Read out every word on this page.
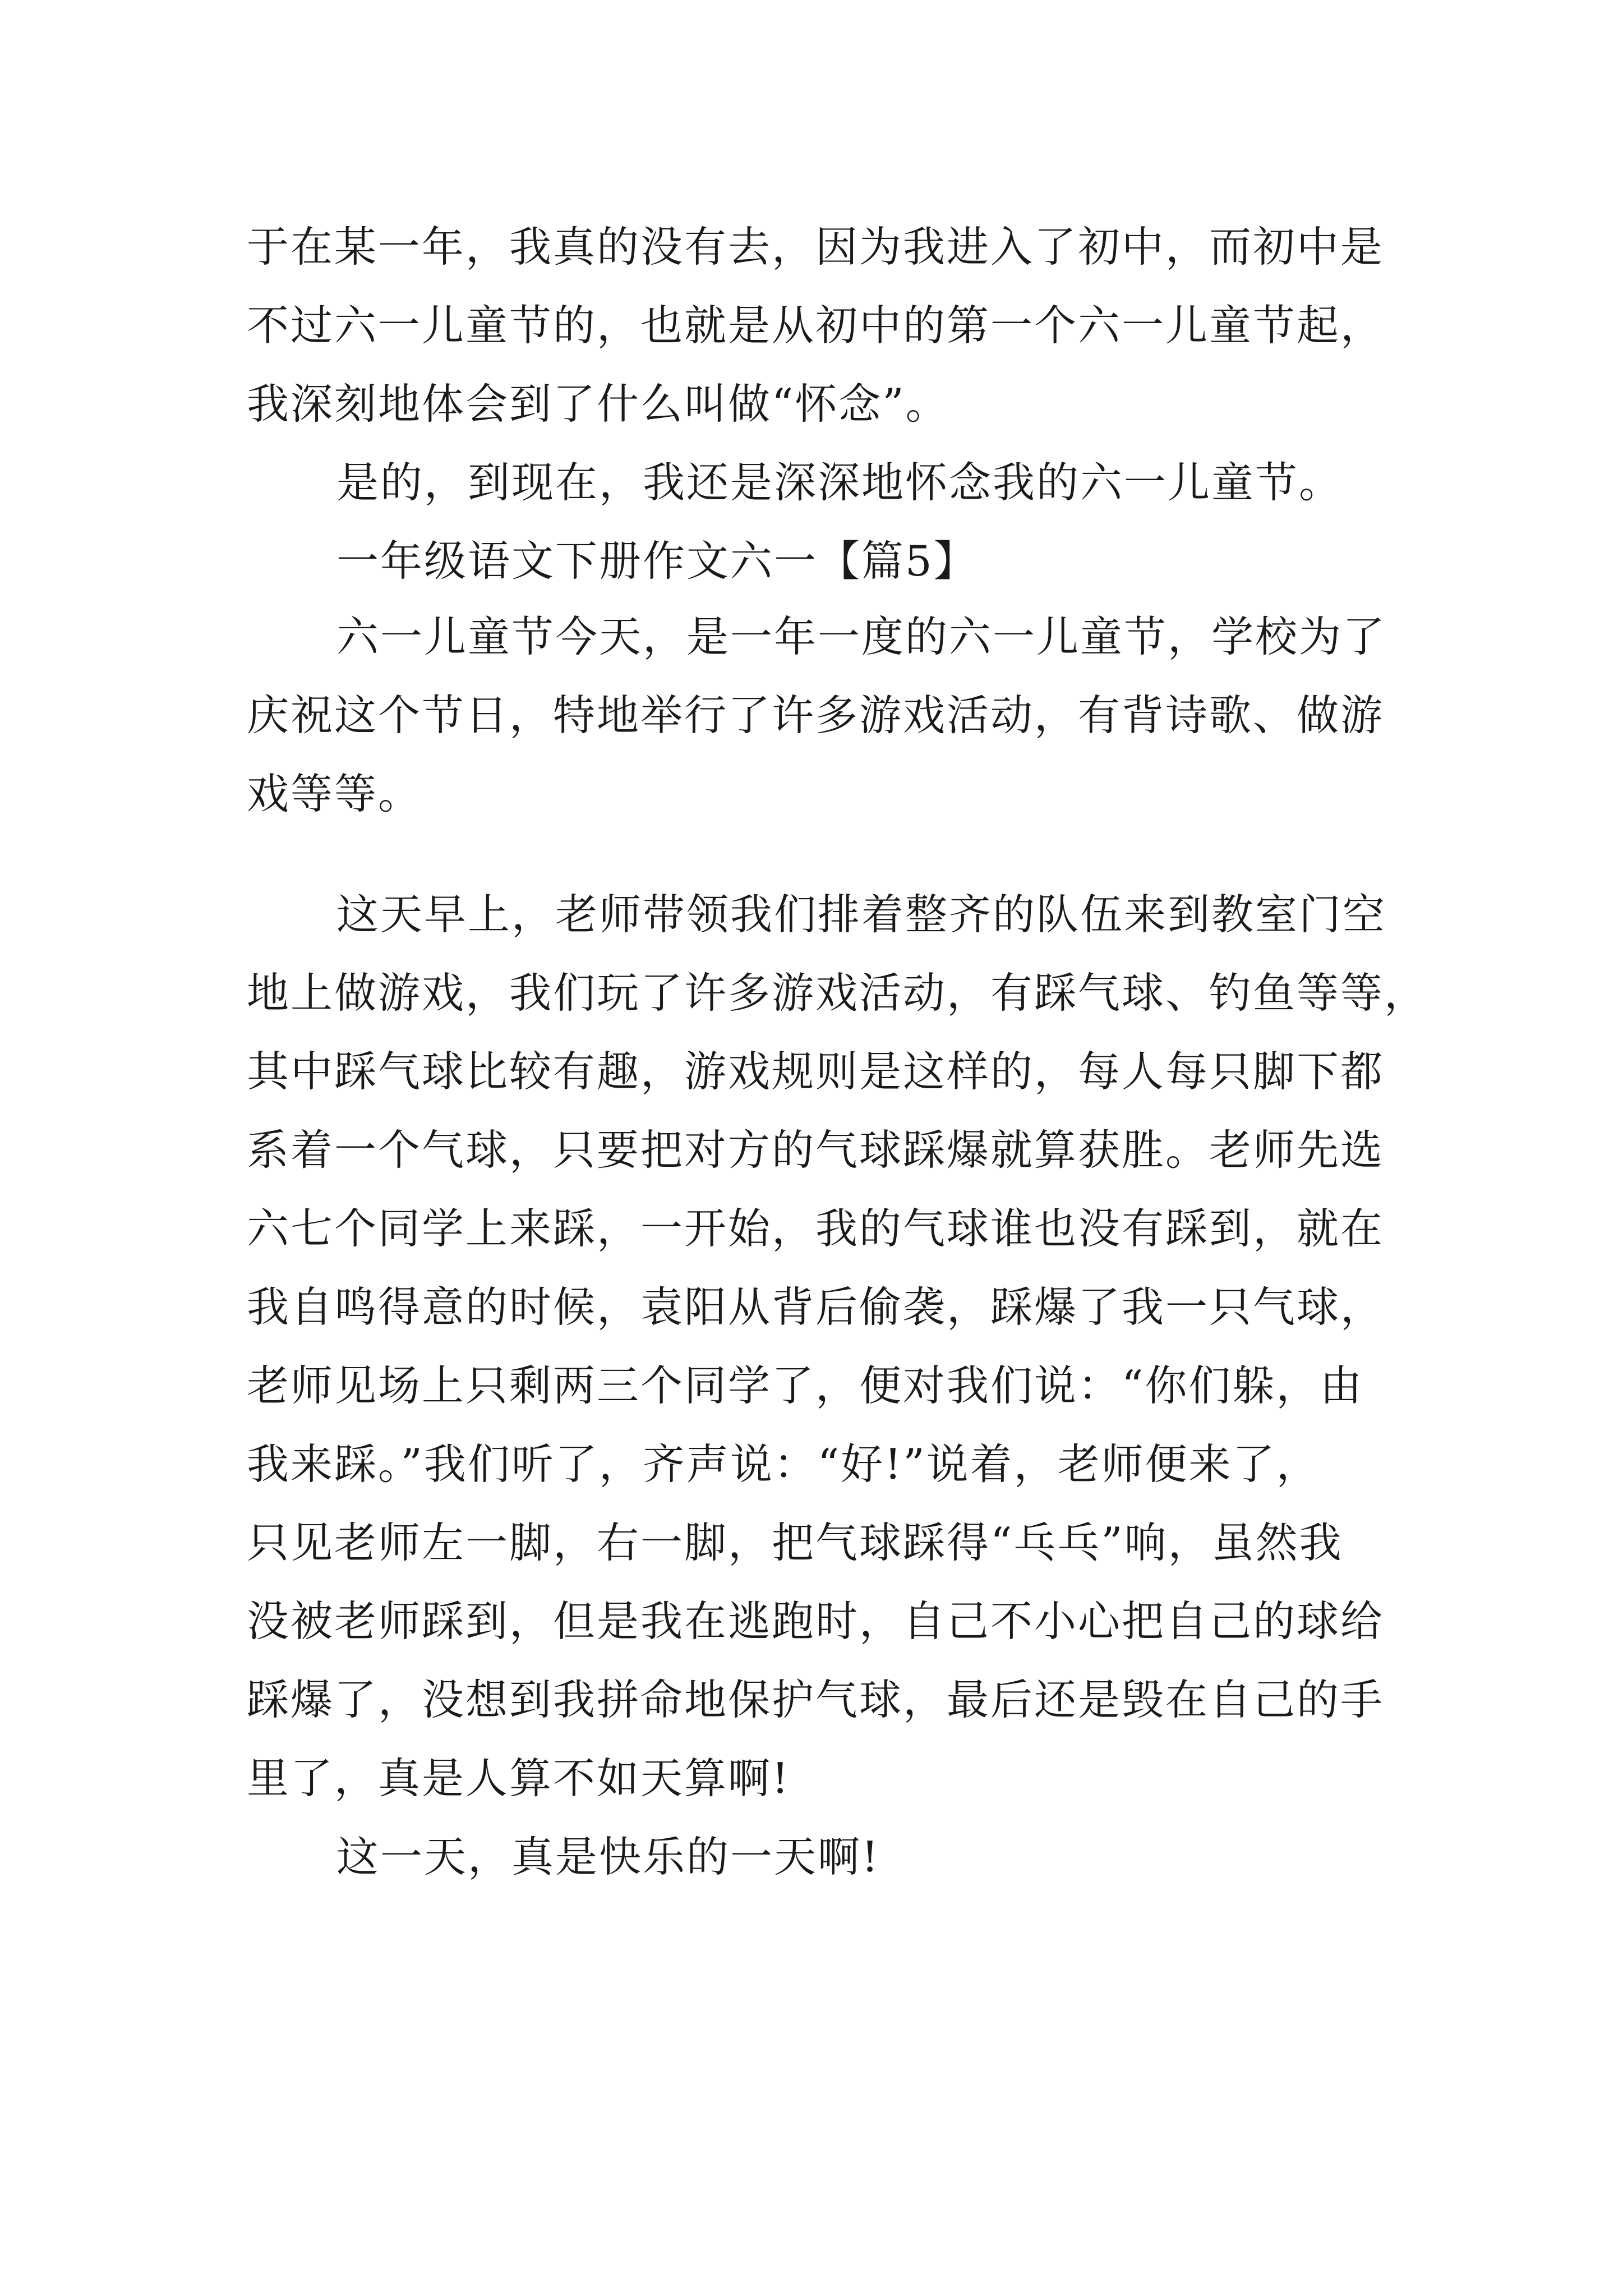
于在某一年，我真的没有去，因为我进入了初中，而初中是

不过六一儿童节的，也就是从初中的第一个六一儿童节起，

我深刻地体会到了什么叫做“怀念”。

是的，到现在，我还是深深地怀念我的六一儿童节。

一年级语文下册作文六一【篇5】

六一儿童节今天，是一年一度的六一儿童节，学校为了

庆祝这个节日，特地举行了许多游戏活动，有背诗歌、做游

戏等等。

这天早上，老师带领我们排着整齐的队伍来到教室门空

地上做游戏，我们玩了许多游戏活动，有踩气球、钓鱼等等，

其中踩气球比较有趣，游戏规则是这样的，每人每只脚下都

系着一个气球，只要把对方的气球踩爆就算获胜。老师先选

六七个同学上来踩，一开始，我的气球谁也没有踩到，就在

我自鸣得意的时候，袁阳从背后偷袭，踩爆了我一只气球，

老师见场上只剩两三个同学了，便对我们说：“你们躲，由

我来踩。”我们听了，齐声说：“好!”说着，老师便来了，

只见老师左一脚，右一脚，把气球踩得“乓乓”响，虽然我

没被老师踩到，但是我在逃跑时，自己不小心把自己的球给

踩爆了，没想到我拼命地保护气球，最后还是毁在自己的手

里了，真是人算不如天算啊!

这一天，真是快乐的一天啊!
